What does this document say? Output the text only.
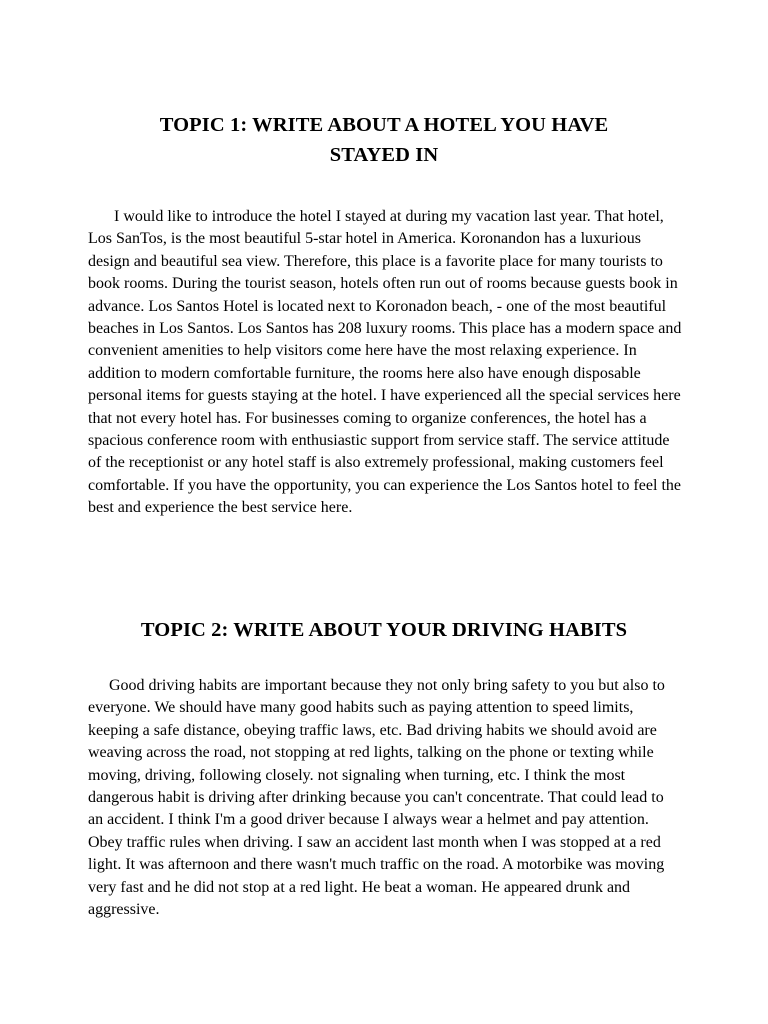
TOPIC 1: WRITE ABOUT A HOTEL YOU HAVE STAYED IN

I would like to introduce the hotel I stayed at during my vacation last year. That hotel, Los SanTos, is the most beautiful 5-star hotel in America. Koronandon has a luxurious design and beautiful sea view. Therefore, this place is a favorite place for many tourists to book rooms. During the tourist season, hotels often run out of rooms because guests book in advance. Los Santos Hotel is located next to Koronadon beach, - one of the most beautiful beaches in Los Santos. Los Santos has 208 luxury rooms. This place has a modern space and convenient amenities to help visitors come here have the most relaxing experience. In addition to modern comfortable furniture, the rooms here also have enough disposable personal items for guests staying at the hotel. I have experienced all the special services here that not every hotel has. For businesses coming to organize conferences, the hotel has a spacious conference room with enthusiastic support from service staff. The service attitude of the receptionist or any hotel staff is also extremely professional, making customers feel comfortable. If you have the opportunity, you can experience the Los Santos hotel to feel the best and experience the best service here.

TOPIC 2: WRITE ABOUT YOUR DRIVING HABITS

Good driving habits are important because they not only bring safety to you but also to everyone. We should have many good habits such as paying attention to speed limits, keeping a safe distance, obeying traffic laws, etc. Bad driving habits we should avoid are weaving across the road, not stopping at red lights, talking on the phone or texting while moving, driving, following closely. not signaling when turning, etc. I think the most dangerous habit is driving after drinking because you can't concentrate. That could lead to an accident. I think I'm a good driver because I always wear a helmet and pay attention. Obey traffic rules when driving. I saw an accident last month when I was stopped at a red light. It was afternoon and there wasn't much traffic on the road. A motorbike was moving very fast and he did not stop at a red light. He beat a woman. He appeared drunk and aggressive.
